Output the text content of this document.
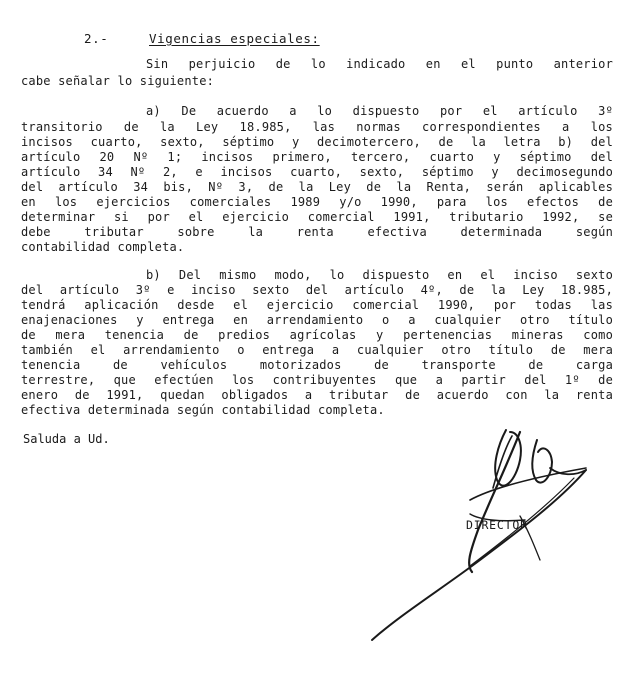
2.-	Vigencias especiales:
Sin perjuicio de lo indicado en el punto anterior
cabe señalar lo siguiente:
a) De acuerdo a lo dispuesto por el artículo 3º
transitorio de la Ley 18.985, las normas correspondientes a los
incisos cuarto, sexto, séptimo y decimotercero, de la letra b) del
artículo 20 Nº 1; incisos primero, tercero, cuarto y séptimo del
artículo 34 Nº 2, e incisos cuarto, sexto, séptimo y decimosegundo
del artículo 34 bis, Nº 3, de la Ley de la Renta, serán aplicables
en los ejercicios comerciales 1989 y/o 1990, para los efectos de
determinar si por el ejercicio comercial 1991, tributario 1992, se
debe tributar sobre la renta efectiva determinada según
contabilidad completa.
b) Del mismo modo, lo dispuesto en el inciso sexto
del artículo 3º e inciso sexto del artículo 4º, de la Ley 18.985,
tendrá aplicación desde el ejercicio comercial 1990, por todas las
enajenaciones y entrega en arrendamiento o a cualquier otro título
de mera tenencia de predios agrícolas y pertenencias mineras como
también el arrendamiento o entrega a cualquier otro título de mera
tenencia de vehículos motorizados de transporte de carga
terrestre, que efectúen los contribuyentes que a partir del 1º de
enero de 1991, quedan obligados a tributar de acuerdo con la renta
efectiva determinada según contabilidad completa.
Saluda a Ud.
DIRECTOR
